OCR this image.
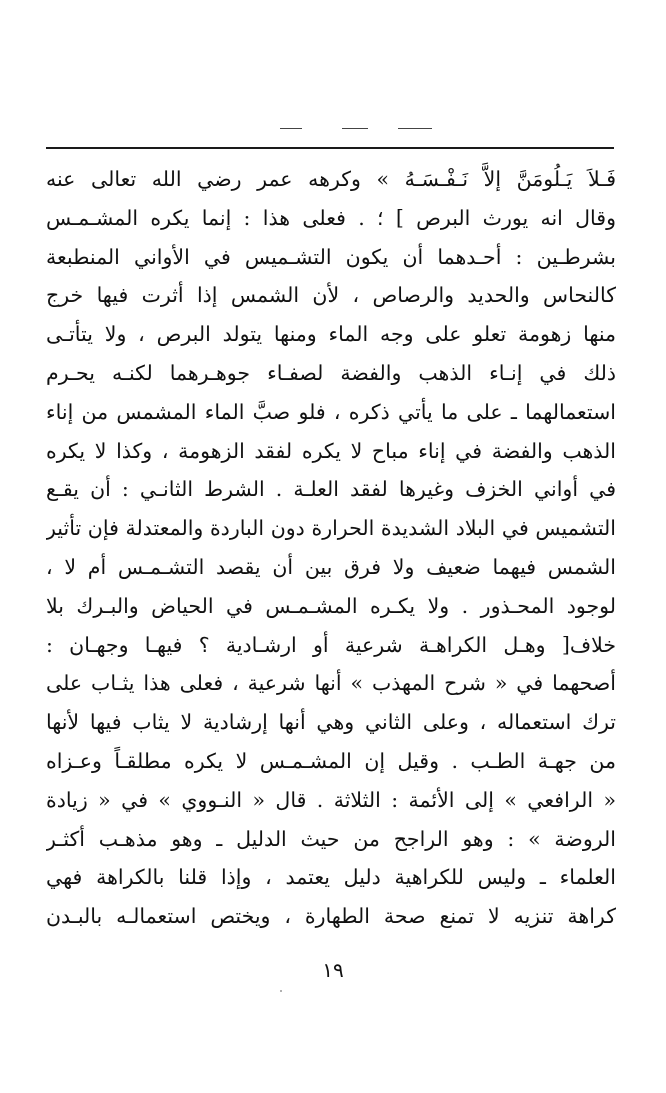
فَـلاَ يَـلُومَنَّ إلاَّ نَـفْـسَـهُ » وكرهه عمر رضي الله تعالى عنه
وقال انه يورث البرص ] ؛ . فعلى هذا : إنما يكره المشـمـس
بشرطـين : أحـدهما أن يكون التشـميس في الأواني المنطبعة
كالنحاس والحديد والرصاص ، لأن الشمس إذا أثرت فيها خرج
منها زهومة تعلو على وجه الماء ومنها يتولد البرص ، ولا يتأتـى
ذلك في إنـاء الذهب والفضة لصفـاء جوهـرهما لكنـه يحـرم
استعمالهما ـ على ما يأتي ذكره ، فلو صبَّ الماء المشمس من إناء
الذهب والفضة في إناء مباح لا يكره لفقد الزهومة ، وكذا لا يكره
في أواني الخزف وغيرها لفقد العلـة . الشرط الثانـي : أن يقـع
التشميس في البلاد الشديدة الحرارة دون الباردة والمعتدلة فإن تأثير
الشمس فيهما ضعيف ولا فرق بين أن يقصد التشـمـس أم لا ،
لوجود المحـذور . ولا يكـره المشـمـس في الحياض والبـرك بلا
خلاف[ وهـل الكراهـة شرعية أو ارشـادية ؟ فيهـا وجهـان :
أصحهما في « شرح المهذب » أنها شرعية ، فعلى هذا يثـاب على
ترك استعماله ، وعلى الثاني وهي أنها إرشادية لا يثاب فيها لأنها
من جهـة الطـب . وقيل إن المشـمـس لا يكره مطلقـاً وعـزاه
« الرافعي » إلى الأئمة : الثلاثة . قال « النـووي » في « زيادة
الروضة » : وهو الراجح من حيث الدليل ـ وهو مذهـب أكثـر
العلماء ـ وليس للكراهية دليل يعتمد ، وإذا قلنا بالكراهة فهي
كراهة تنزيه لا تمنع صحة الطهارة ، ويختص استعمالـه بالبـدن
١٩
